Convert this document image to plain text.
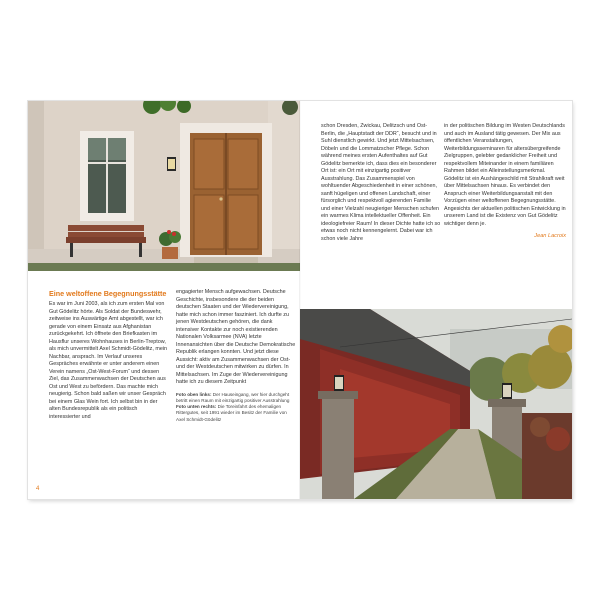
Eine weltoffene Begegnungsstätte

Es war im Juni 2003, als ich zum ersten Mal von Gut Gödelitz hörte. Als Soldat der Bundeswehr, zeitweise ins Auswärtige Amt abgestellt, war ich gerade von einem Einsatz aus Afghanistan zurückgekehrt. Ich öffnete den Briefkasten im Hausflur unseres Wohnhauses in Berlin-Treptow, als mich unvermittelt Axel Schmidt-Gödelitz, mein Nachbar, ansprach. Im Verlauf unseres Gespräches erwähnte er unter anderem einen Verein namens „Ost-West-Forum“ und dessen Ziel, das Zusammenwachsen der Deutschen aus Ost und West zu befördern. Das machte mich neugierig. Schon bald saßen wir unser Gespräch bei einem Glas Wein fort. Ich selbst bin in der alten Bundesrepublik als ein politisch interessierter und

engagierter Mensch aufgewachsen. Deutsche Geschichte, insbesondere die der beiden deutschen Staaten und der Wiedervereinigung, hatte mich schon immer fasziniert. Ich durfte zu jenen Westdeutschen gehören, die dank intensiver Kontakte zur noch existierenden Nationalen Volksarmee (NVA) letzte Innenansichten über die Deutsche Demokratische Republik erlangen konnten. Und jetzt diese Aussicht: aktiv am Zusammenwachsen der Ost- und der Westdeutschen mitwirken zu dürfen. In Mittelsachsen. Im Zuge der Wiedervereinigung hatte ich zu diesem Zeitpunkt

Foto oben links: Der Hauseingang, wer hier durchgeht betritt einen Raum mit einzigartig positiver Ausstrahlung
Foto unten rechts: Die Toreinfahrt des ehemaligen Rittergutes, seit 1991 wieder im Besitz der Familie von Axel Schmidt-Gödelitz
4

schon Dresden, Zwickau, Delitzsch und Ost-Berlin, die „Hauptstadt der DDR“, besucht und in Suhl dienstlich gewirkt. Und jetzt Mittelsachsen, Döbeln und die Lommatzscher Pflege. Schon während meines ersten Aufenthaltes auf Gut Gödelitz bemerkte ich, dass dies ein besonderer Ort ist: ein Ort mit einzigartig positiver Ausstrahlung. Das Zusammenspiel von wohltuender Abgeschiedenheit in einer schönen, sanft hügeligen und offenen Landschaft, einer fürsorglich und respektvoll agierenden Familie und einer Vielzahl neugieriger Menschen schufen ein warmes Klima intellektueller Offenheit. Ein ideologiefreier Raum! In dieser Dichte hatte ich so etwas noch nicht kennengelernt. Dabei war ich schon viele Jahre

in der politischen Bildung im Westen Deutschlands und auch im Ausland tätig gewesen. Der Mix aus öffentlichen Veranstaltungen, Weiterbildungsseminaren für altersübergreifende Zielgruppen, gelebter gedanklicher Freiheit und respektvollem Miteinander in einem familiären Rahmen bildet ein Alleinstellungsmerkmal. Gödelitz ist ein Aushängeschild mit Strahlkraft weit über Mittelsachsen hinaus. Es verbindet den Anspruch einer Weiterbildungsanstalt mit den Vorzügen einer weltoffenen Begegnungsstätte. Angesichts der aktuellen politischen Entwicklung in unserem Land ist die Existenz von Gut Gödelitz wichtiger denn je.

Jean Lacroix
